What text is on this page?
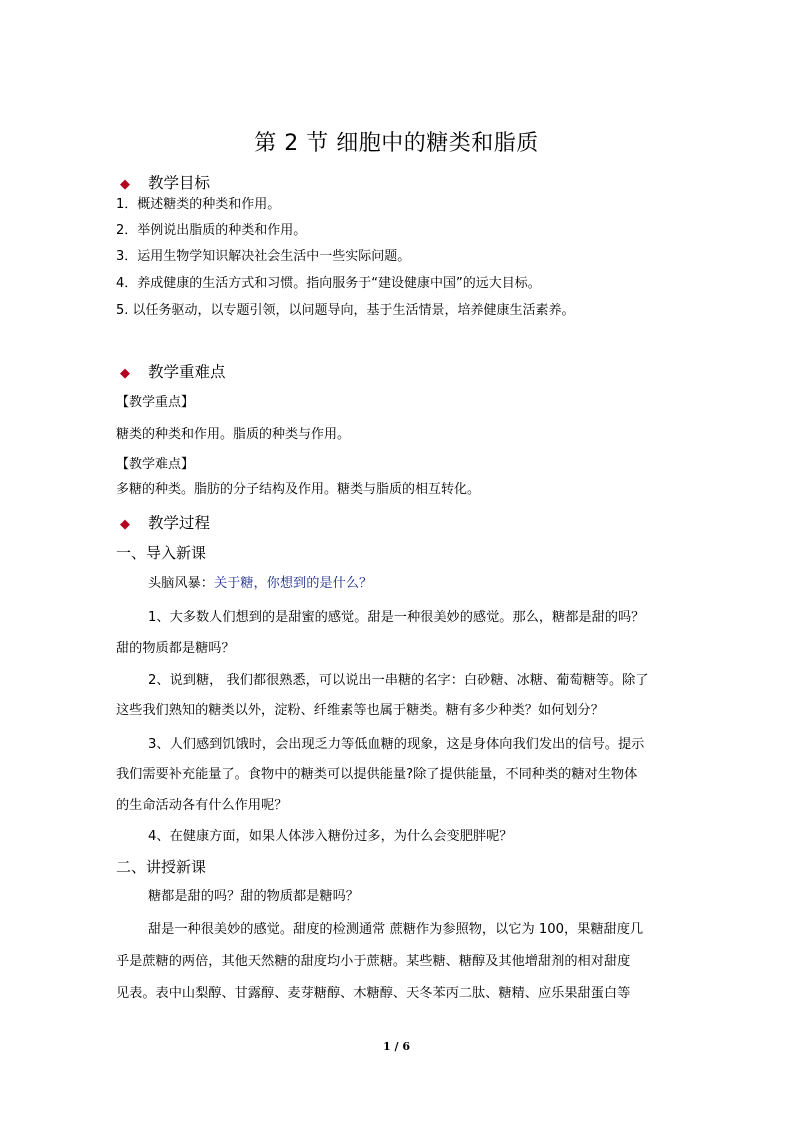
第 2 节 细胞中的糖类和脂质
◆ 教学目标
1．概述糖类的种类和作用。
2．举例说出脂质的种类和作用。
3．运用生物学知识解决社会生活中一些实际问题。
4．养成健康的生活方式和习惯。指向服务于“建设健康中国”的远大目标。
5. 以任务驱动，以专题引领，以问题导向，基于生活情景，培养健康生活素养。
◆ 教学重难点
【教学重点】
糖类的种类和作用。脂质的种类与作用。
【教学难点】
多糖的种类。脂肪的分子结构及作用。糖类与脂质的相互转化。
◆ 教学过程
一、导入新课
头脑风暴：关于糖，你想到的是什么？
1、大多数人们想到的是甜蜜的感觉。甜是一种很美妙的感觉。那么，糖都是甜的吗？
甜的物质都是糖吗？
2、说到糖， 我们都很熟悉，可以说出一串糖的名字：白砂糖、冰糖、葡萄糖等。除了
这些我们熟知的糖类以外，淀粉、纤维素等也属于糖类。糖有多少种类？如何划分？
3、人们感到饥饿时，会出现乏力等低血糖的现象，这是身体向我们发出的信号。提示
我们需要补充能量了。食物中的糖类可以提供能量?除了提供能量，不同种类的糖对生物体
的生命活动各有什么作用呢？
4、在健康方面，如果人体涉入糖份过多，为什么会变肥胖呢？
二、讲授新课
糖都是甜的吗？甜的物质都是糖吗？
甜是一种很美妙的感觉。甜度的检测通常 蔗糖作为参照物，以它为 100，果糖甜度几
乎是蔗糖的两倍，其他天然糖的甜度均小于蔗糖。某些糖、糖醇及其他增甜剂的相对甜度
见表。表中山梨醇、甘露醇、麦芽糖醇、木糖醇、天冬苯丙二肽、糖精、应乐果甜蛋白等
1 / 6
